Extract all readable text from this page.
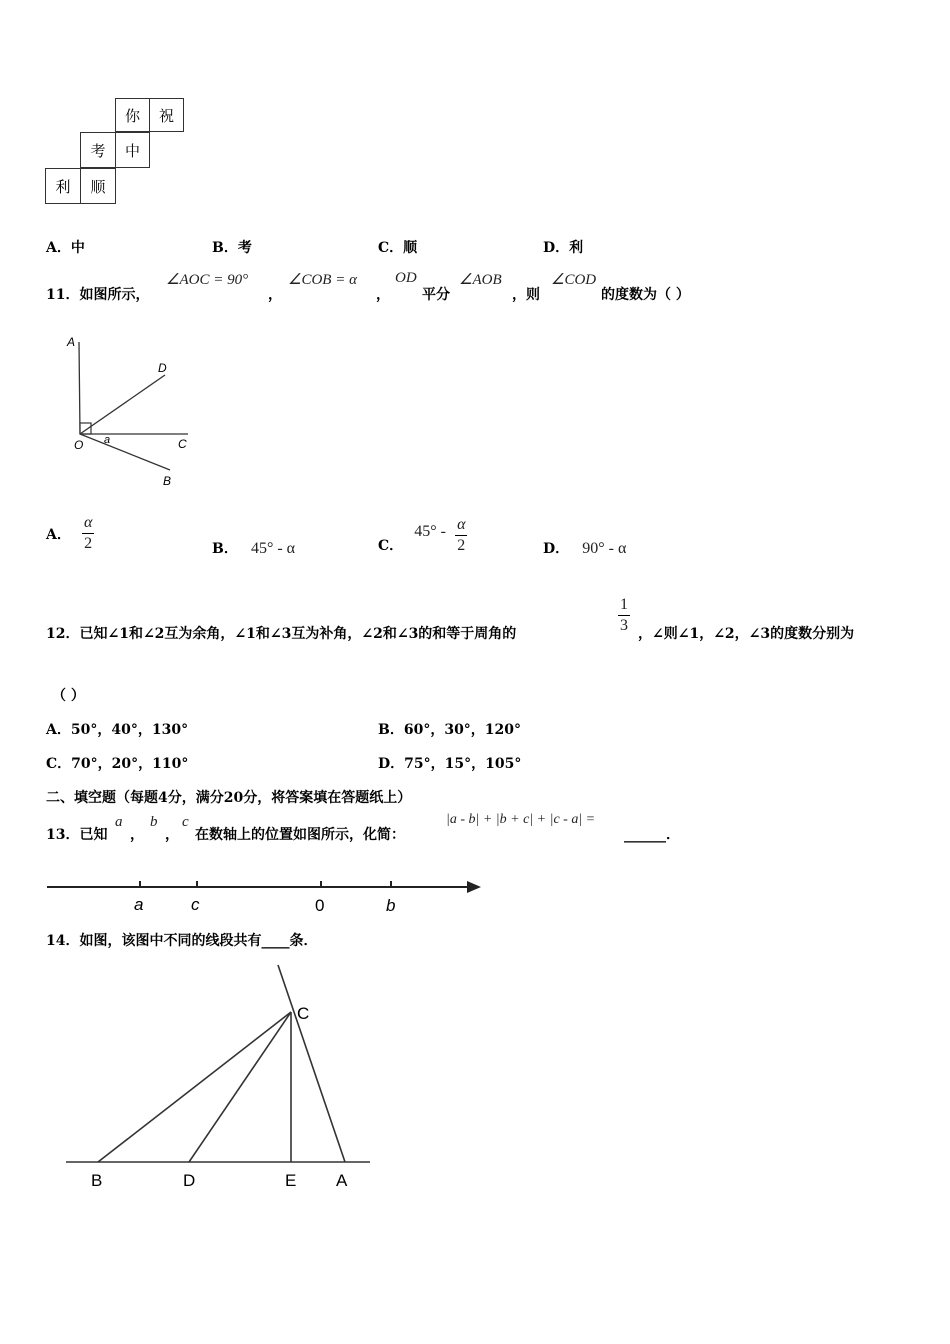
你	祝
考	中
利	顺
A．中	B．考	C．顺	D．利
11．如图所示，
∠AOC = 90°
，
∠COB = α
，
OD
平分
∠AOB
，则
∠COD
的度数为（ ）
A
D
O a	C
B
A． $\frac{\alpha}{2}$	B． 45° - α	C． $45^\circ - \frac{\alpha}{2}$	D． 90° - α
12．已知∠1和∠2互为余角，∠1和∠3互为补角，∠2和∠3的和等于周角的	$\frac{1}{3}$ ，∠则∠1，∠2，∠3的度数分别为
（ ）
A．50°，40°，130°	B．60°，30°，120°
C．70°，20°，110°	D．75°，15°，105°
二、填空题（每题4分，满分20分，将答案填在答题纸上）
13．已知
a
，
b
，
c
在数轴上的位置如图所示，化简：
|a - b| + |b + c| + |c - a| =
______．
a	c	0	b
14．如图，该图中不同的线段共有____条．
C
B	D	E A
